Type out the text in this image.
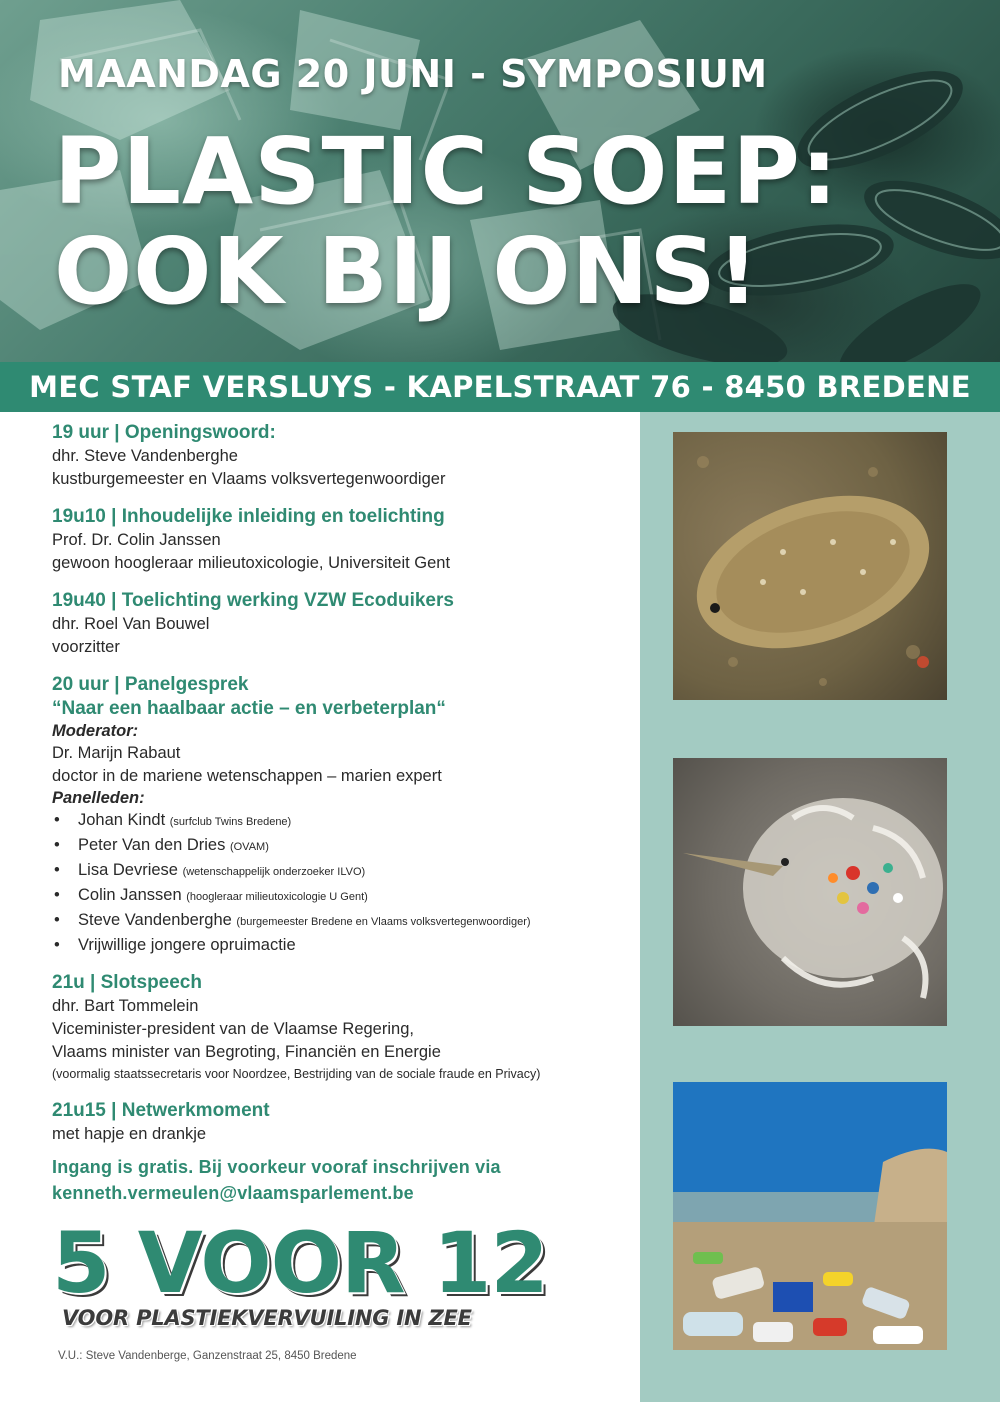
MAANDAG 20 JUNI - SYMPOSIUM
PLASTIC SOEP:
OOK BIJ ONS!
MEC STAF VERSLUYS - KAPELSTRAAT 76 - 8450 BREDENE
19 uur | Openingswoord:
dhr. Steve Vandenberghe
kustburgemeester en Vlaams volksvertegenwoordiger
19u10 | Inhoudelijke inleiding en toelichting
Prof. Dr. Colin Janssen
gewoon hoogleraar milieutoxicologie, Universiteit Gent
19u40 | Toelichting werking VZW Ecoduikers
dhr. Roel Van Bouwel
voorzitter
20 uur | Panelgesprek
“Naar een haalbaar actie – en verbeterplan“
Moderator:
Dr. Marijn Rabaut
doctor in de mariene wetenschappen – marien expert
Panelleden:
• Johan Kindt (surfclub Twins Bredene)
• Peter Van den Dries (OVAM)
• Lisa Devriese (wetenschappelijk onderzoeker ILVO)
• Colin Janssen (hoogleraar milieutoxicologie U Gent)
• Steve Vandenberghe (burgemeester Bredene en Vlaams volksvertegenwoordiger)
• Vrijwillige jongere opruimactie
21u | Slotspeech
dhr. Bart Tommelein
Viceminister-president van de Vlaamse Regering,
Vlaams minister van Begroting, Financiën en Energie
(voormalig staatssecretaris voor Noordzee, Bestrijding van de sociale fraude en Privacy)
21u15 | Netwerkmoment
met hapje en drankje
Ingang is gratis. Bij voorkeur vooraf inschrijven via
kenneth.vermeulen@vlaamsparlement.be
5 VOOR 12
VOOR PLASTIEKVERVUILING IN ZEE
V.U.: Steve Vandenberge, Ganzenstraat 25, 8450 Bredene
